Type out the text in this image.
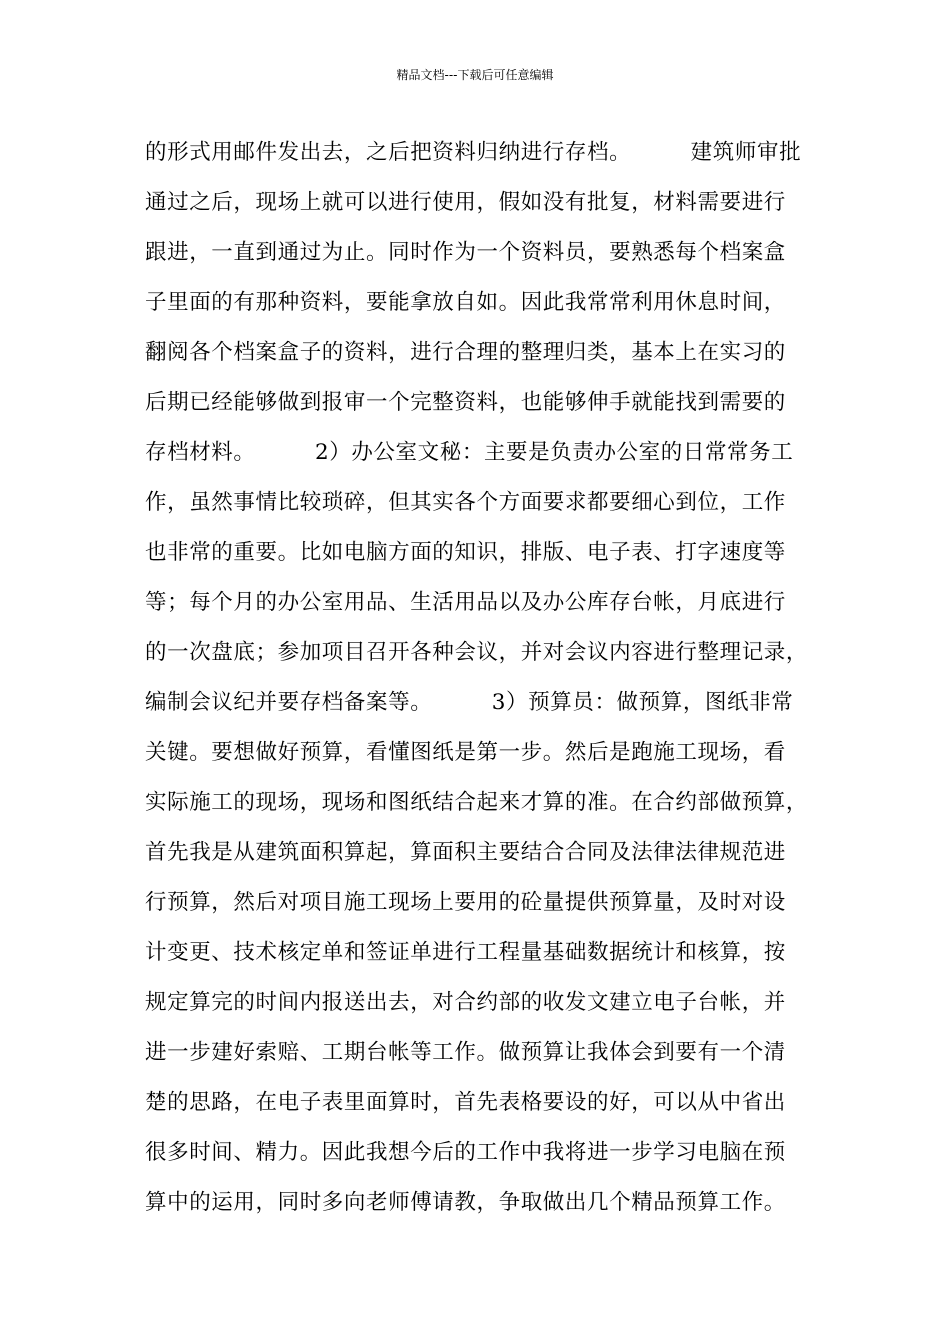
精品文档---下载后可任意编辑
的形式用邮件发出去，之后把资料归纳进行存档。        建筑师审批
通过之后，现场上就可以进行使用，假如没有批复，材料需要进行
跟进，一直到通过为止。同时作为一个资料员，要熟悉每个档案盒
子里面的有那种资料，要能拿放自如。因此我常常利用休息时间，
翻阅各个档案盒子的资料，进行合理的整理归类，基本上在实习的
后期已经能够做到报审一个完整资料，也能够伸手就能找到需要的
存档材料。        2）办公室文秘：主要是负责办公室的日常常务工
作，虽然事情比较琐碎，但其实各个方面要求都要细心到位，工作
也非常的重要。比如电脑方面的知识，排版、电子表、打字速度等
等；每个月的办公室用品、生活用品以及办公库存台帐，月底进行
的一次盘底；参加项目召开各种会议，并对会议内容进行整理记录，
编制会议纪并要存档备案等。        3）预算员：做预算，图纸非常
关键。要想做好预算，看懂图纸是第一步。然后是跑施工现场，看
实际施工的现场，现场和图纸结合起来才算的准。在合约部做预算，
首先我是从建筑面积算起，算面积主要结合合同及法律法律规范进
行预算，然后对项目施工现场上要用的砼量提供预算量，及时对设
计变更、技术核定单和签证单进行工程量基础数据统计和核算，按
规定算完的时间内报送出去，对合约部的收发文建立电子台帐，并
进一步建好索赔、工期台帐等工作。做预算让我体会到要有一个清
楚的思路，在电子表里面算时，首先表格要设的好，可以从中省出
很多时间、精力。因此我想今后的工作中我将进一步学习电脑在预
算中的运用，同时多向老师傅请教，争取做出几个精品预算工作。
